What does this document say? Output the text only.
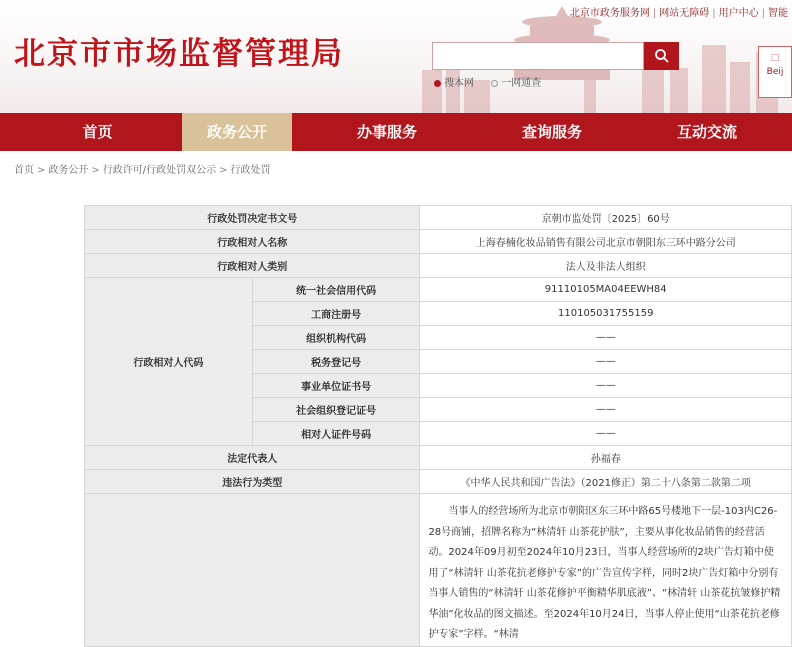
北京市市场监督管理局
北京市政务服务网 | 网站无障碍 | 用户中心 | 智能
搜本网	一网通查
⬚
Beij
首页	政务公开	办事服务	查询服务	互动交流
首页 > 政务公开 > 行政许可/行政处罚双公示 > 行政处罚
行政处罚决定书文号		京朝市监处罚〔2025〕60号
行政相对人名称		上海春楠化妆品销售有限公司北京市朝阳东三环中路分公司
行政相对人类别		法人及非法人组织
行政相对人代码	统一社会信用代码	91110105MA04EEWH84
	工商注册号	110105031755159
	组织机构代码	——
	税务登记号	——
	事业单位证书号	——
	社会组织登记证号	——
	相对人证件号码	——
法定代表人		孙福春
违法行为类型		《中华人民共和国广告法》（2021修正）第二十八条第二款第二项
		当事人的经营场所为北京市朝阳区东三环中路65号楼地下一层-103内C26-28号商铺，招牌名称为“林清轩 山茶花护肤”，主要从事化妆品销售的经营活动。2024年09月初至2024年10月23日，当事人经营场所的2块广告灯箱中使用了“林清轩 山茶花抗老修护专家”的广告宣传字样，同时2块广告灯箱中分别有当事人销售的“林清轩 山茶花修护平衡精华肌底液”、“林清轩 山茶花抗皱修护精华油”化妆品的图文描述。至2024年10月24日，当事人停止使用“山茶花抗老修护专家”字样。“林清
